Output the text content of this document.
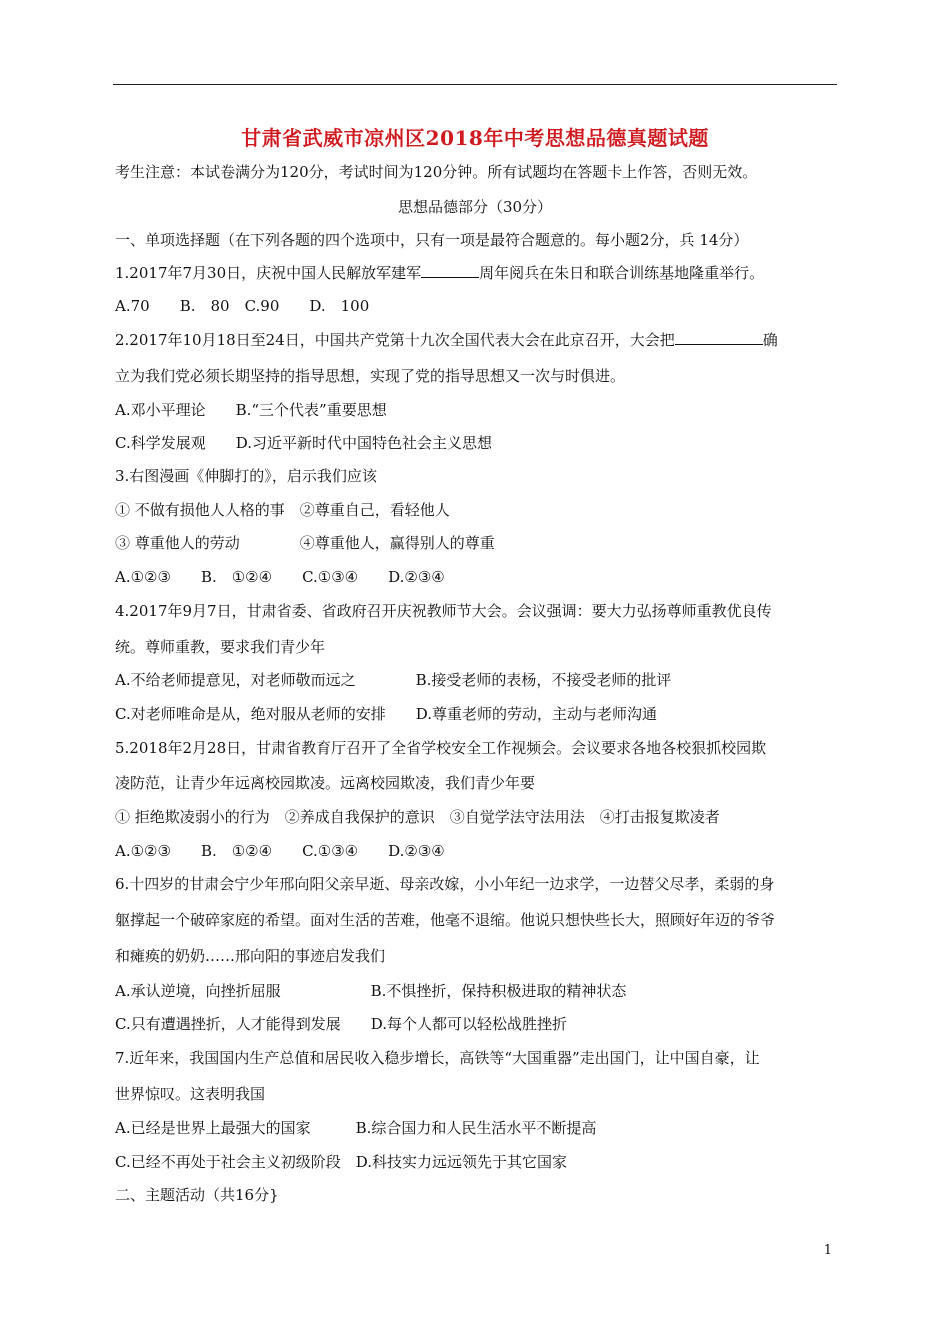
甘肃省武威市凉州区2018年中考思想品德真题试题
考生注意：本试卷满分为120分，考试时间为120分钟。所有试题均在答题卡上作答，否则无效。
思想品德部分（30分）
一、单项选择题（在下列各题的四个选项中，只有一项是最符合题意的。每小题2分，兵 14分）
1.2017年7月30日，庆祝中国人民解放军建军	周年阅兵在朱日和联合训练基地隆重举行。
A.70　　B.　80　C.90　　D.　100
2.2017年10月18日至24日，中国共产党第十九次全国代表大会在此京召开，大会把	确
立为我们党必须长期坚持的指导思想，实现了党的指导思想又一次与时俱进。
A.邓小平理论　　B.“三个代表”重要思想
C.科学发展观　　D.习近平新时代中国特色社会主义思想
3.右图漫画《伸脚打的》，启示我们应该
① 不做有损他人人格的事　②尊重自己，看轻他人
③ 尊重他人的劳动　　　　④尊重他人，赢得别人的尊重
A.①②③　　B.　①②④　　C.①③④　　D.②③④
4.2017年9月7日，甘肃省委、省政府召开庆祝教师节大会。会议强调：要大力弘扬尊师重教优良传
统。尊师重教，要求我们青少年
A.不给老师提意见，对老师敬而远之　　　　B.接受老师的表杨，不接受老师的批评
C.对老师唯命是从，绝对服从老师的安排　　D.尊重老师的劳动，主动与老师沟通
5.2018年2月28日，甘肃省教育厅召开了全省学校安全工作视频会。会议要求各地各校狠抓校园欺
凌防范，让青少年远离校园欺凌。远离校园欺凌，我们青少年要
① 拒绝欺凌弱小的行为　②养成自我保护的意识　③自觉学法守法用法　④打击报复欺凌者
A.①②③　　B.　①②④　　C.①③④　　D.②③④
6.十四岁的甘肃会宁少年邢向阳父亲早逝、母亲改嫁，小小年纪一边求学，一边替父尽孝，柔弱的身
躯撑起一个破碎家庭的希望。面对生活的苦难，他毫不退缩。他说只想快些长大，照顾好年迈的爷爷
和瘫痪的奶奶……邢向阳的事迹启发我们
A.承认逆境，向挫折屈服　　　　　　B.不惧挫折，保持积极进取的精神状态
C.只有遭遇挫折，人才能得到发展　　D.每个人都可以轻松战胜挫折
7.近年来，我国国内生产总值和居民收入稳步增长，高铁等“大国重器”走出国门，让中国自豪，让
世界惊叹。这表明我国
A.已经是世界上最强大的国家　　　B.综合国力和人民生活水平不断提高
C.已经不再处于社会主义初级阶段　D.科技实力远远领先于其它国家
二、主题活动（共16分}
1
